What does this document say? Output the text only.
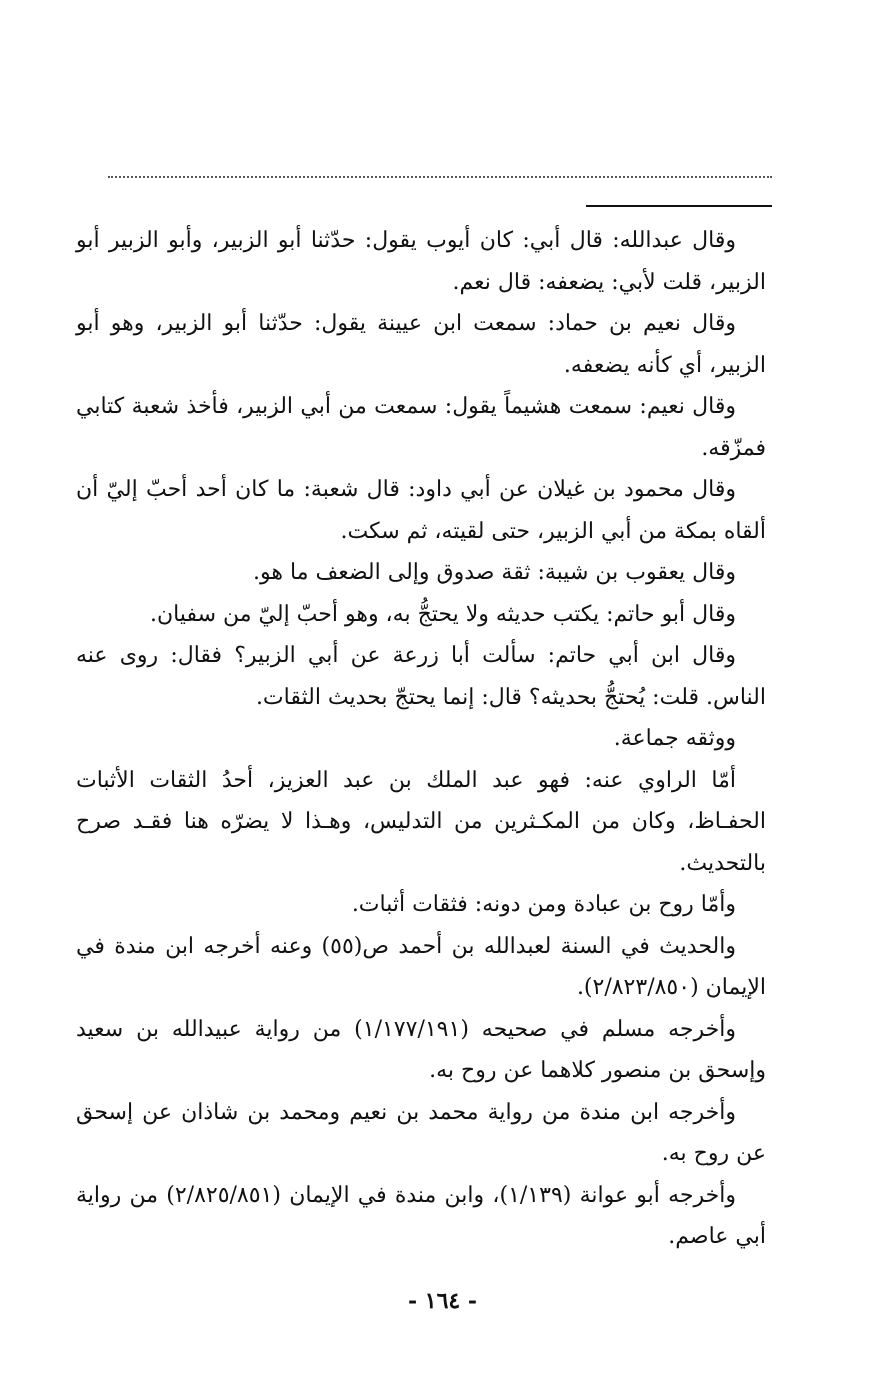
وقال عبدالله: قال أبي: كان أيوب يقول: حدّثنا أبو الزبير، وأبو الزبير أبو الزبير، قلت لأبي: يضعفه: قال نعم.

وقال نعيم بن حماد: سمعت ابن عيينة يقول: حدّثنا أبو الزبير، وهو أبو الزبير، أي كأنه يضعفه.

وقال نعيم: سمعت هشيماً يقول: سمعت من أبي الزبير، فأخذ شعبة كتابي فمزّقه.

وقال محمود بن غيلان عن أبي داود: قال شعبة: ما كان أحد أحبّ إليّ أن ألقاه بمكة من أبي الزبير، حتى لقيته، ثم سكت.

وقال يعقوب بن شيبة: ثقة صدوق وإلى الضعف ما هو.

وقال أبو حاتم: يكتب حديثه ولا يحتجُّ به، وهو أحبّ إليّ من سفيان.

وقال ابن أبي حاتم: سألت أبا زرعة عن أبي الزبير؟ فقال: روى عنه الناس. قلت: يُحتجُّ بحديثه؟ قال: إنما يحتجّ بحديث الثقات.

ووثقه جماعة.

أمّا الراوي عنه: فهو عبد الملك بن عبد العزيز، أحدُ الثقات الأثبات الحفـاظ، وكان من المكـثرين من التدليس، وهـذا لا يضرّه هنا فقـد صرح بالتحديث.

وأمّا روح بن عبادة ومن دونه: فثقات أثبات.

والحديث في السنة لعبدالله بن أحمد ص(٥٥) وعنه أخرجه ابن مندة في الإيمان (٢/٨٢٣/٨٥٠).

وأخرجه مسلم في صحيحه (١/١٧٧/١٩١) من رواية عبيدالله بن سعيد وإسحق بن منصور كلاهما عن روح به.

وأخرجه ابن مندة من رواية محمد بن نعيم ومحمد بن شاذان عن إسحق عن روح به.

وأخرجه أبو عوانة (١/١٣٩)، وابن مندة في الإيمان (٢/٨٢٥/٨٥١) من رواية أبي عاصم.

- ١٦٤ -
